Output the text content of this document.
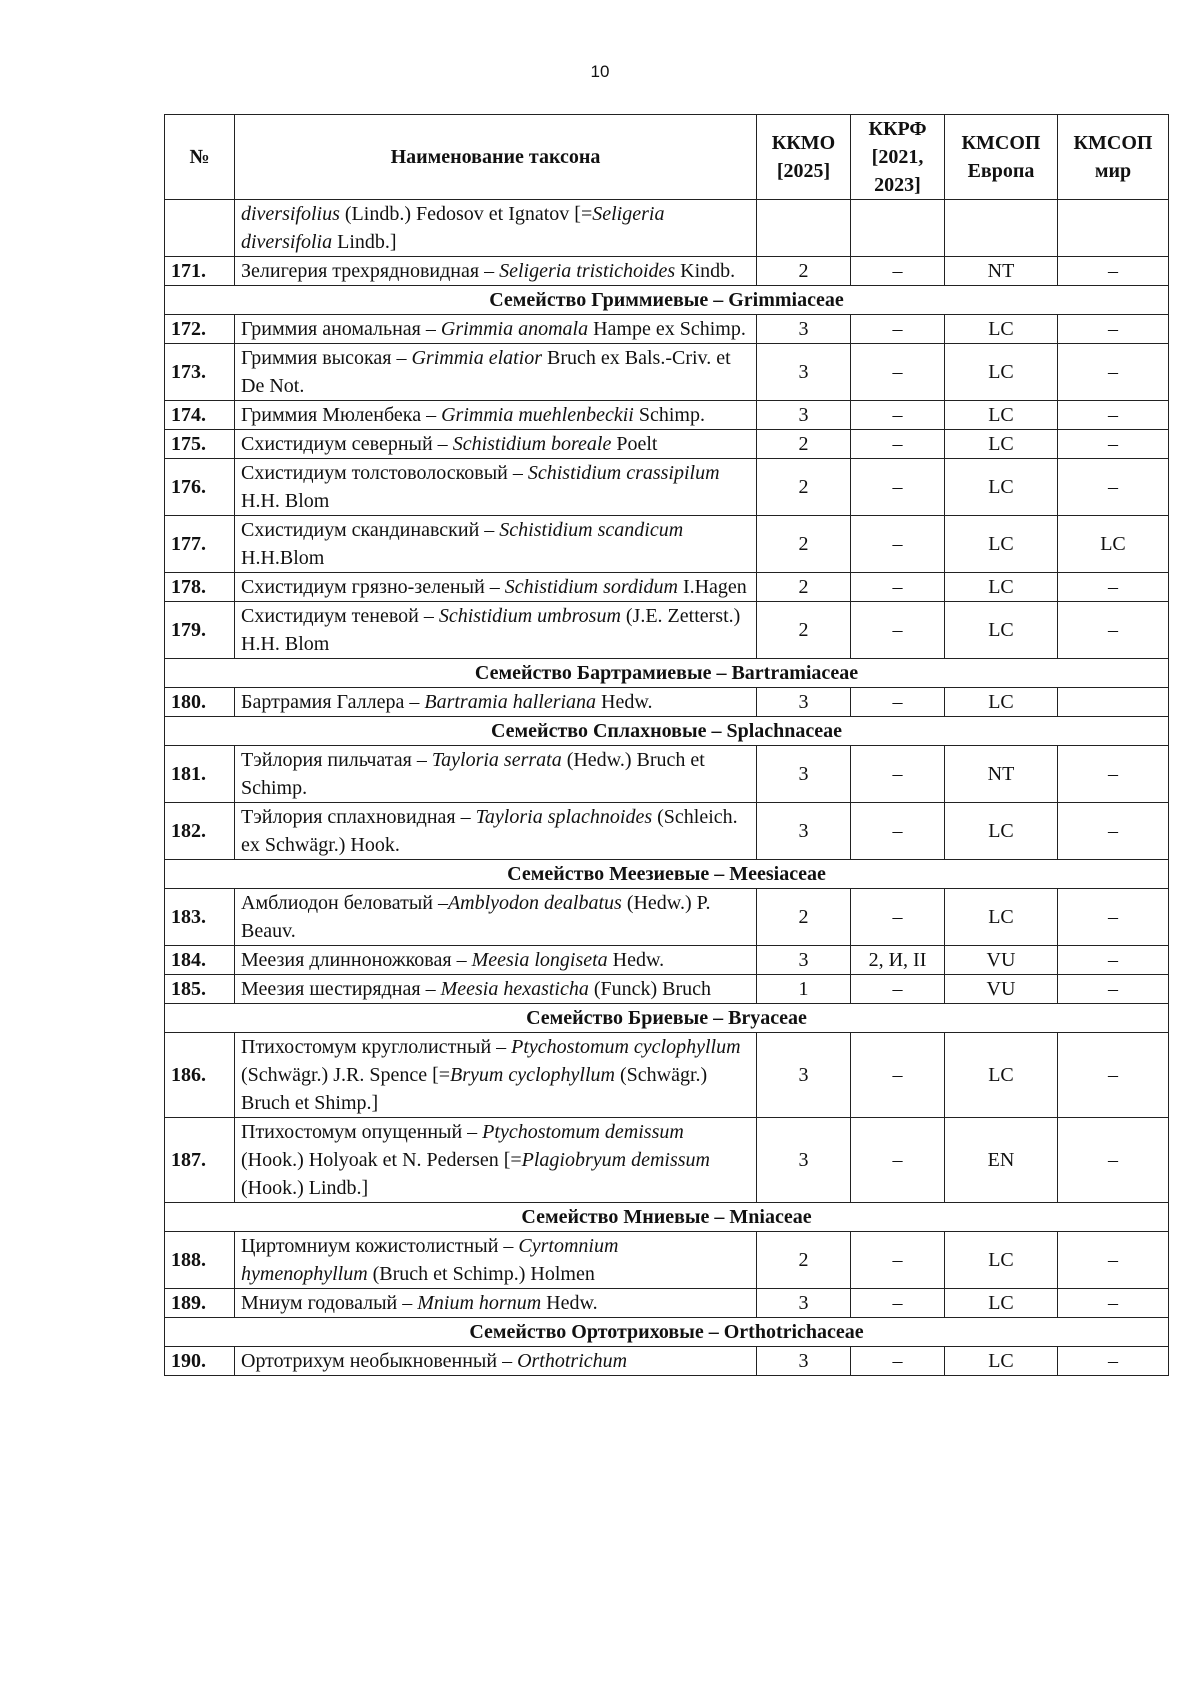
10
№	Наименование таксона	ККМО [2025]	ККРФ [2021, 2023]	КМСОП Европа	КМСОП мир
	diversifolius (Lindb.) Fedosov et Ignatov [=Seligeria diversifolia Lindb.]				
171.	Зелигерия трехрядновидная – Seligeria tristichoides Kindb.	2	–	NT	–
Семейство Гриммиевые – Grimmiaceae					
172.	Гриммия аномальная – Grimmia anomala Hampe ex Schimp.	3	–	LC	–
173.	Гриммия высокая – Grimmia elatior Bruch ex Bals.-Criv. et De Not.	3	–	LC	–
174.	Гриммия Мюленбека – Grimmia muehlenbeckii Schimp.	3	–	LC	–
175.	Схистидиум северный – Schistidium boreale Poelt	2	–	LC	–
176.	Схистидиум толстоволосковый – Schistidium crassipilum H.H. Blom	2	–	LC	–
177.	Схистидиум скандинавский – Schistidium scandicum H.H.Blom	2	–	LC	LC
178.	Схистидиум грязно-зеленый – Schistidium sordidum I.Hagen	2	–	LC	–
179.	Схистидиум теневой – Schistidium umbrosum (J.E. Zetterst.) H.H. Blom	2	–	LC	–
Семейство Бартрамиевые – Bartramiaceae					
180.	Бартрамия Галлера – Bartramia halleriana Hedw.	3	–	LC	
Семейство Сплахновые – Splachnaceae					
181.	Тэйлория пильчатая – Tayloria serrata (Hedw.) Bruch et Schimp.	3	–	NT	–
182.	Тэйлория сплахновидная – Tayloria splachnoides (Schleich. ex Schwägr.) Hook.	3	–	LC	–
Семейство Меезиевые – Meesiaceae					
183.	Амблиодон беловатый –Amblyodon dealbatus (Hedw.) P. Beauv.	2	–	LC	–
184.	Меезия длинноножковая – Meesia longiseta Hedw.	3	2, И, II	VU	–
185.	Меезия шестирядная – Meesia hexasticha (Funck) Bruch	1	–	VU	–
Семейство Бриевые – Bryaceae					
186.	Птихостомум круглолистный – Ptychostomum cyclophyllum (Schwägr.) J.R. Spence [=Bryum cyclophyllum (Schwägr.) Bruch et Shimp.]	3	–	LC	–
187.	Птихостомум опущенный – Ptychostomum demissum (Hook.) Holyoak et N. Pedersen [=Plagiobryum demissum (Hook.) Lindb.]	3	–	EN	–
Семейство Мниевые – Mniaceae					
188.	Циртомниум кожистолистный – Cyrtomnium hymenophyllum (Bruch et Schimp.) Holmen	2	–	LC	–
189.	Мниум годовалый – Mnium hornum Hedw.	3	–	LC	–
Семейство Ортотриховые – Orthotrichaceae					
190.	Ортотрихум необыкновенный – Orthotrichum	3	–	LC	–
